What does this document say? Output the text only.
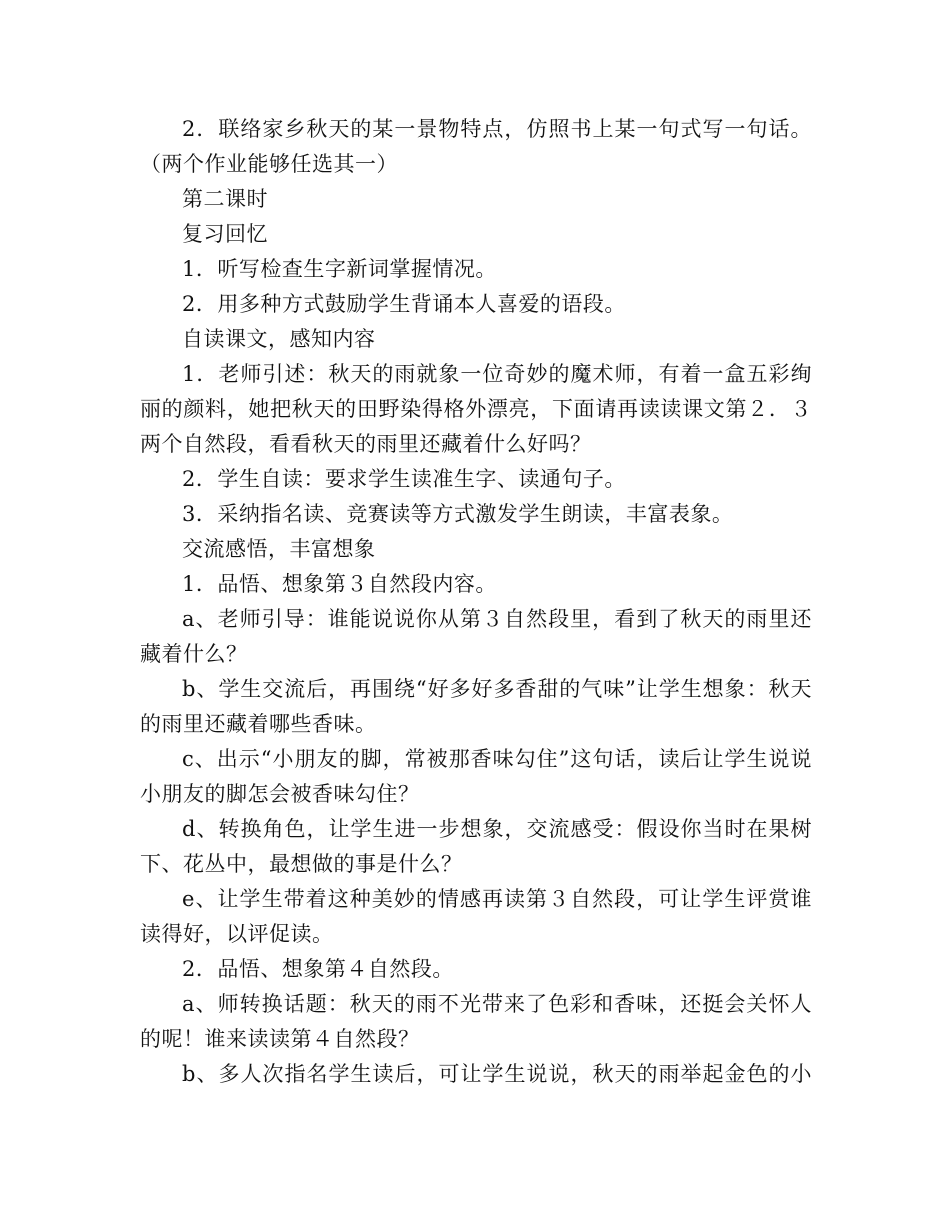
2．联络家乡秋天的某一景物特点，仿照书上某一句式写一句话。（两个作业能够任选其一）

第二课时

复习回忆

1．听写检查生字新词掌握情况。

2．用多种方式鼓励学生背诵本人喜爱的语段。

自读课文，感知内容

1．老师引述：秋天的雨就象一位奇妙的魔术师，有着一盒五彩绚丽的颜料，她把秋天的田野染得格外漂亮，下面请再读读课文第２．３两个自然段，看看秋天的雨里还藏着什么好吗？

2．学生自读：要求学生读准生字、读通句子。

3．采纳指名读、竞赛读等方式激发学生朗读，丰富表象。

交流感悟，丰富想象

1．品悟、想象第３自然段内容。

a、老师引导：谁能说说你从第３自然段里，看到了秋天的雨里还藏着什么？

b、学生交流后，再围绕“好多好多香甜的气味”让学生想象：秋天的雨里还藏着哪些香味。

c、出示“小朋友的脚，常被那香味勾住”这句话，读后让学生说说小朋友的脚怎会被香味勾住？

d、转换角色，让学生进一步想象，交流感受：假设你当时在果树下、花丛中，最想做的事是什么？

e、让学生带着这种美妙的情感再读第３自然段，可让学生评赏谁读得好，以评促读。

2．品悟、想象第４自然段。

a、师转换话题：秋天的雨不光带来了色彩和香味，还挺会关怀人的呢！谁来读读第４自然段？

b、多人次指名学生读后，可让学生说说，秋天的雨举起金色的小
